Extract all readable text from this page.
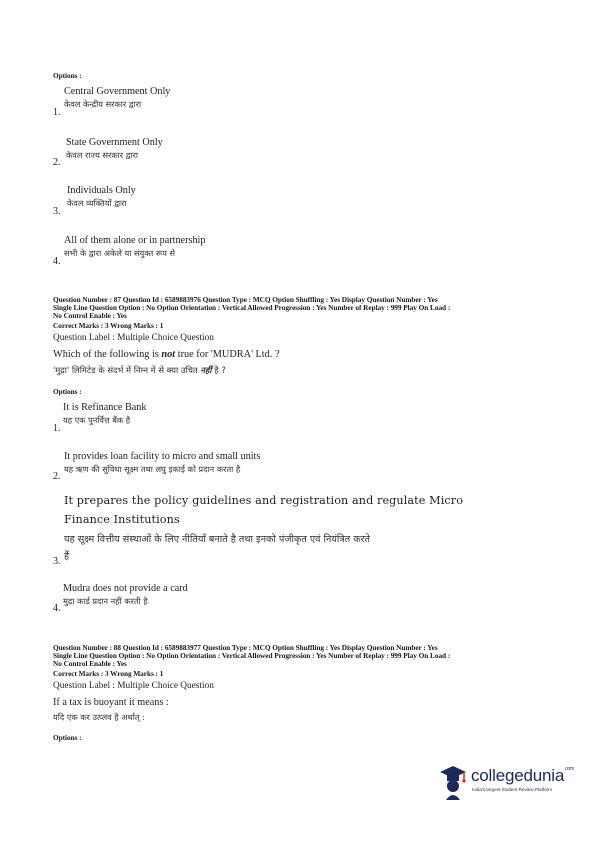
Options :
Central Government Only
1.
केवल केन्द्रीय सरकार द्वारा
State Government Only
2.
केवल राज्य सरकार द्वारा
Individuals Only
3.
केवल व्यक्तियों द्वारा
All of them alone or in partnership
4.
सभी के द्वारा अकेले या संयुक्त रूप से
Question Number : 87 Question Id : 6589883976 Question Type : MCQ Option Shuffling : Yes Display Question Number : Yes
Single Line Question Option : No Option Orientation : Vertical Allowed Progression : Yes Number of Replay : 999 Play On Load :
No Control Enable : Yes
Correct Marks : 3 Wrong Marks : 1
Question Label : Multiple Choice Question
Which of the following is not true for 'MUDRA' Ltd. ?
'मुद्रा' लिमिटेड के संदर्भ में निम्न में से क्या उचित नहीं है ?
Options :
It is Refinance Bank
1.
यह एक पुनर्वित्त बैंक है
It provides loan facility to micro and small units
2.
यह ऋण की सुविधा सूक्ष्म तथा लघु इकाई को प्रदान करता है
It prepares the policy guidelines and registration and regulate Micro
Finance Institutions
यह सूक्ष्म वित्तीय संस्थाओं के लिए नीतियाँ बनाते है तथा इनको पंजीकृत एवं नियंत्रित करते
3. हैं
Mudra does not provide a card
4.
मुद्रा कार्ड प्रदान नहीं करती है
Question Number : 88 Question Id : 6589883977 Question Type : MCQ Option Shuffling : Yes Display Question Number : Yes
Single Line Question Option : No Option Orientation : Vertical Allowed Progression : Yes Number of Replay : 999 Play On Load :
No Control Enable : Yes
Correct Marks : 3 Wrong Marks : 1
Question Label : Multiple Choice Question
If a tax is buoyant it means :
यदि एक कर उत्प्लव है अर्थात् :
Options :
collegedunia$^{com}$
India's largest Student Review Platform
